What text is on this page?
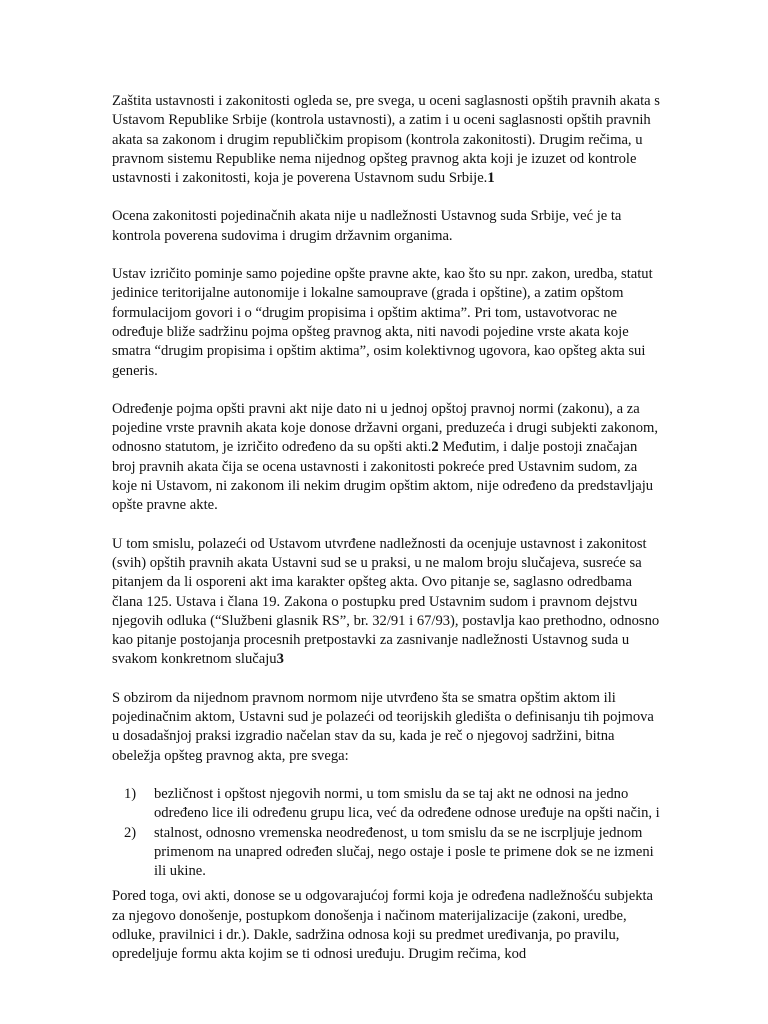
Zaštita ustavnosti i zakonitosti ogleda se, pre svega, u oceni saglasnosti opštih pravnih akata s Ustavom Republike Srbije (kontrola ustavnosti), a zatim i u oceni saglasnosti opštih pravnih akata sa zakonom i drugim republičkim propisom (kontrola zakonitosti). Drugim rečima, u pravnom sistemu Republike nema nijednog opšteg pravnog akta koji je izuzet od kontrole ustavnosti i zakonitosti, koja je poverena Ustavnom sudu Srbije.1

Ocena zakonitosti pojedinačnih akata nije u nadležnosti Ustavnog suda Srbije, već je ta kontrola poverena sudovima i drugim državnim organima.

Ustav izričito pominje samo pojedine opšte pravne akte, kao što su npr. zakon, uredba, statut jedinice teritorijalne autonomije i lokalne samouprave (grada i opštine), a zatim opštom formulacijom govori i o “drugim propisima i opštim aktima”. Pri tom, ustavotvorac ne određuje bliže sadržinu pojma opšteg pravnog akta, niti navodi pojedine vrste akata koje smatra “drugim propisima i opštim aktima”, osim kolektivnog ugovora, kao opšteg akta sui generis.

Određenje pojma opšti pravni akt nije dato ni u jednoj opštoj pravnoj normi (zakonu), a za pojedine vrste pravnih akata koje donose državni organi, preduzeća i drugi subjekti zakonom, odnosno statutom, je izričito određeno da su opšti akti.2 Međutim, i dalje postoji značajan broj pravnih akata čija se ocena ustavnosti i zakonitosti pokreće pred Ustavnim sudom, za koje ni Ustavom, ni zakonom ili nekim drugim opštim aktom, nije određeno da predstavljaju opšte pravne akte.

U tom smislu, polazeći od Ustavom utvrđene nadležnosti da ocenjuje ustavnost i zakonitost (svih) opštih pravnih akata Ustavni sud se u praksi, u ne malom broju slučajeva, susreće sa pitanjem da li osporeni akt ima karakter opšteg akta. Ovo pitanje se, saglasno odredbama člana 125. Ustava i člana 19. Zakona o postupku pred Ustavnim sudom i pravnom dejstvu njegovih odluka (“Službeni glasnik RS”, br. 32/91 i 67/93), postavlja kao prethodno, odnosno kao pitanje postojanja procesnih pretpostavki za zasnivanje nadležnosti Ustavnog suda u svakom konkretnom slučaju3

S obzirom da nijednom pravnom normom nije utvrđeno šta se smatra opštim aktom ili pojedinačnim aktom, Ustavni sud je polazeći od teorijskih gledišta o definisanju tih pojmova u dosadašnjoj praksi izgradio načelan stav da su, kada je reč o njegovoj sadržini, bitna obeležja opšteg pravnog akta, pre svega:

1) bezličnost i opštost njegovih normi, u tom smislu da se taj akt ne odnosi na jedno određeno lice ili određenu grupu lica, već da određene odnose uređuje na opšti način, i
2) stalnost, odnosno vremenska neodređenost, u tom smislu da se ne iscrpljuje jednom primenom na unapred određen slučaj, nego ostaje i posle te primene dok se ne izmeni ili ukine.

Pored toga, ovi akti, donose se u odgovarajućoj formi koja je određena nadležnošću subjekta za njegovo donošenje, postupkom donošenja i načinom materijalizacije (zakoni, uredbe, odluke, pravilnici i dr.). Dakle, sadržina odnosa koji su predmet uređivanja, po pravilu, opredeljuje formu akta kojim se ti odnosi uređuju. Drugim rečima, kod
